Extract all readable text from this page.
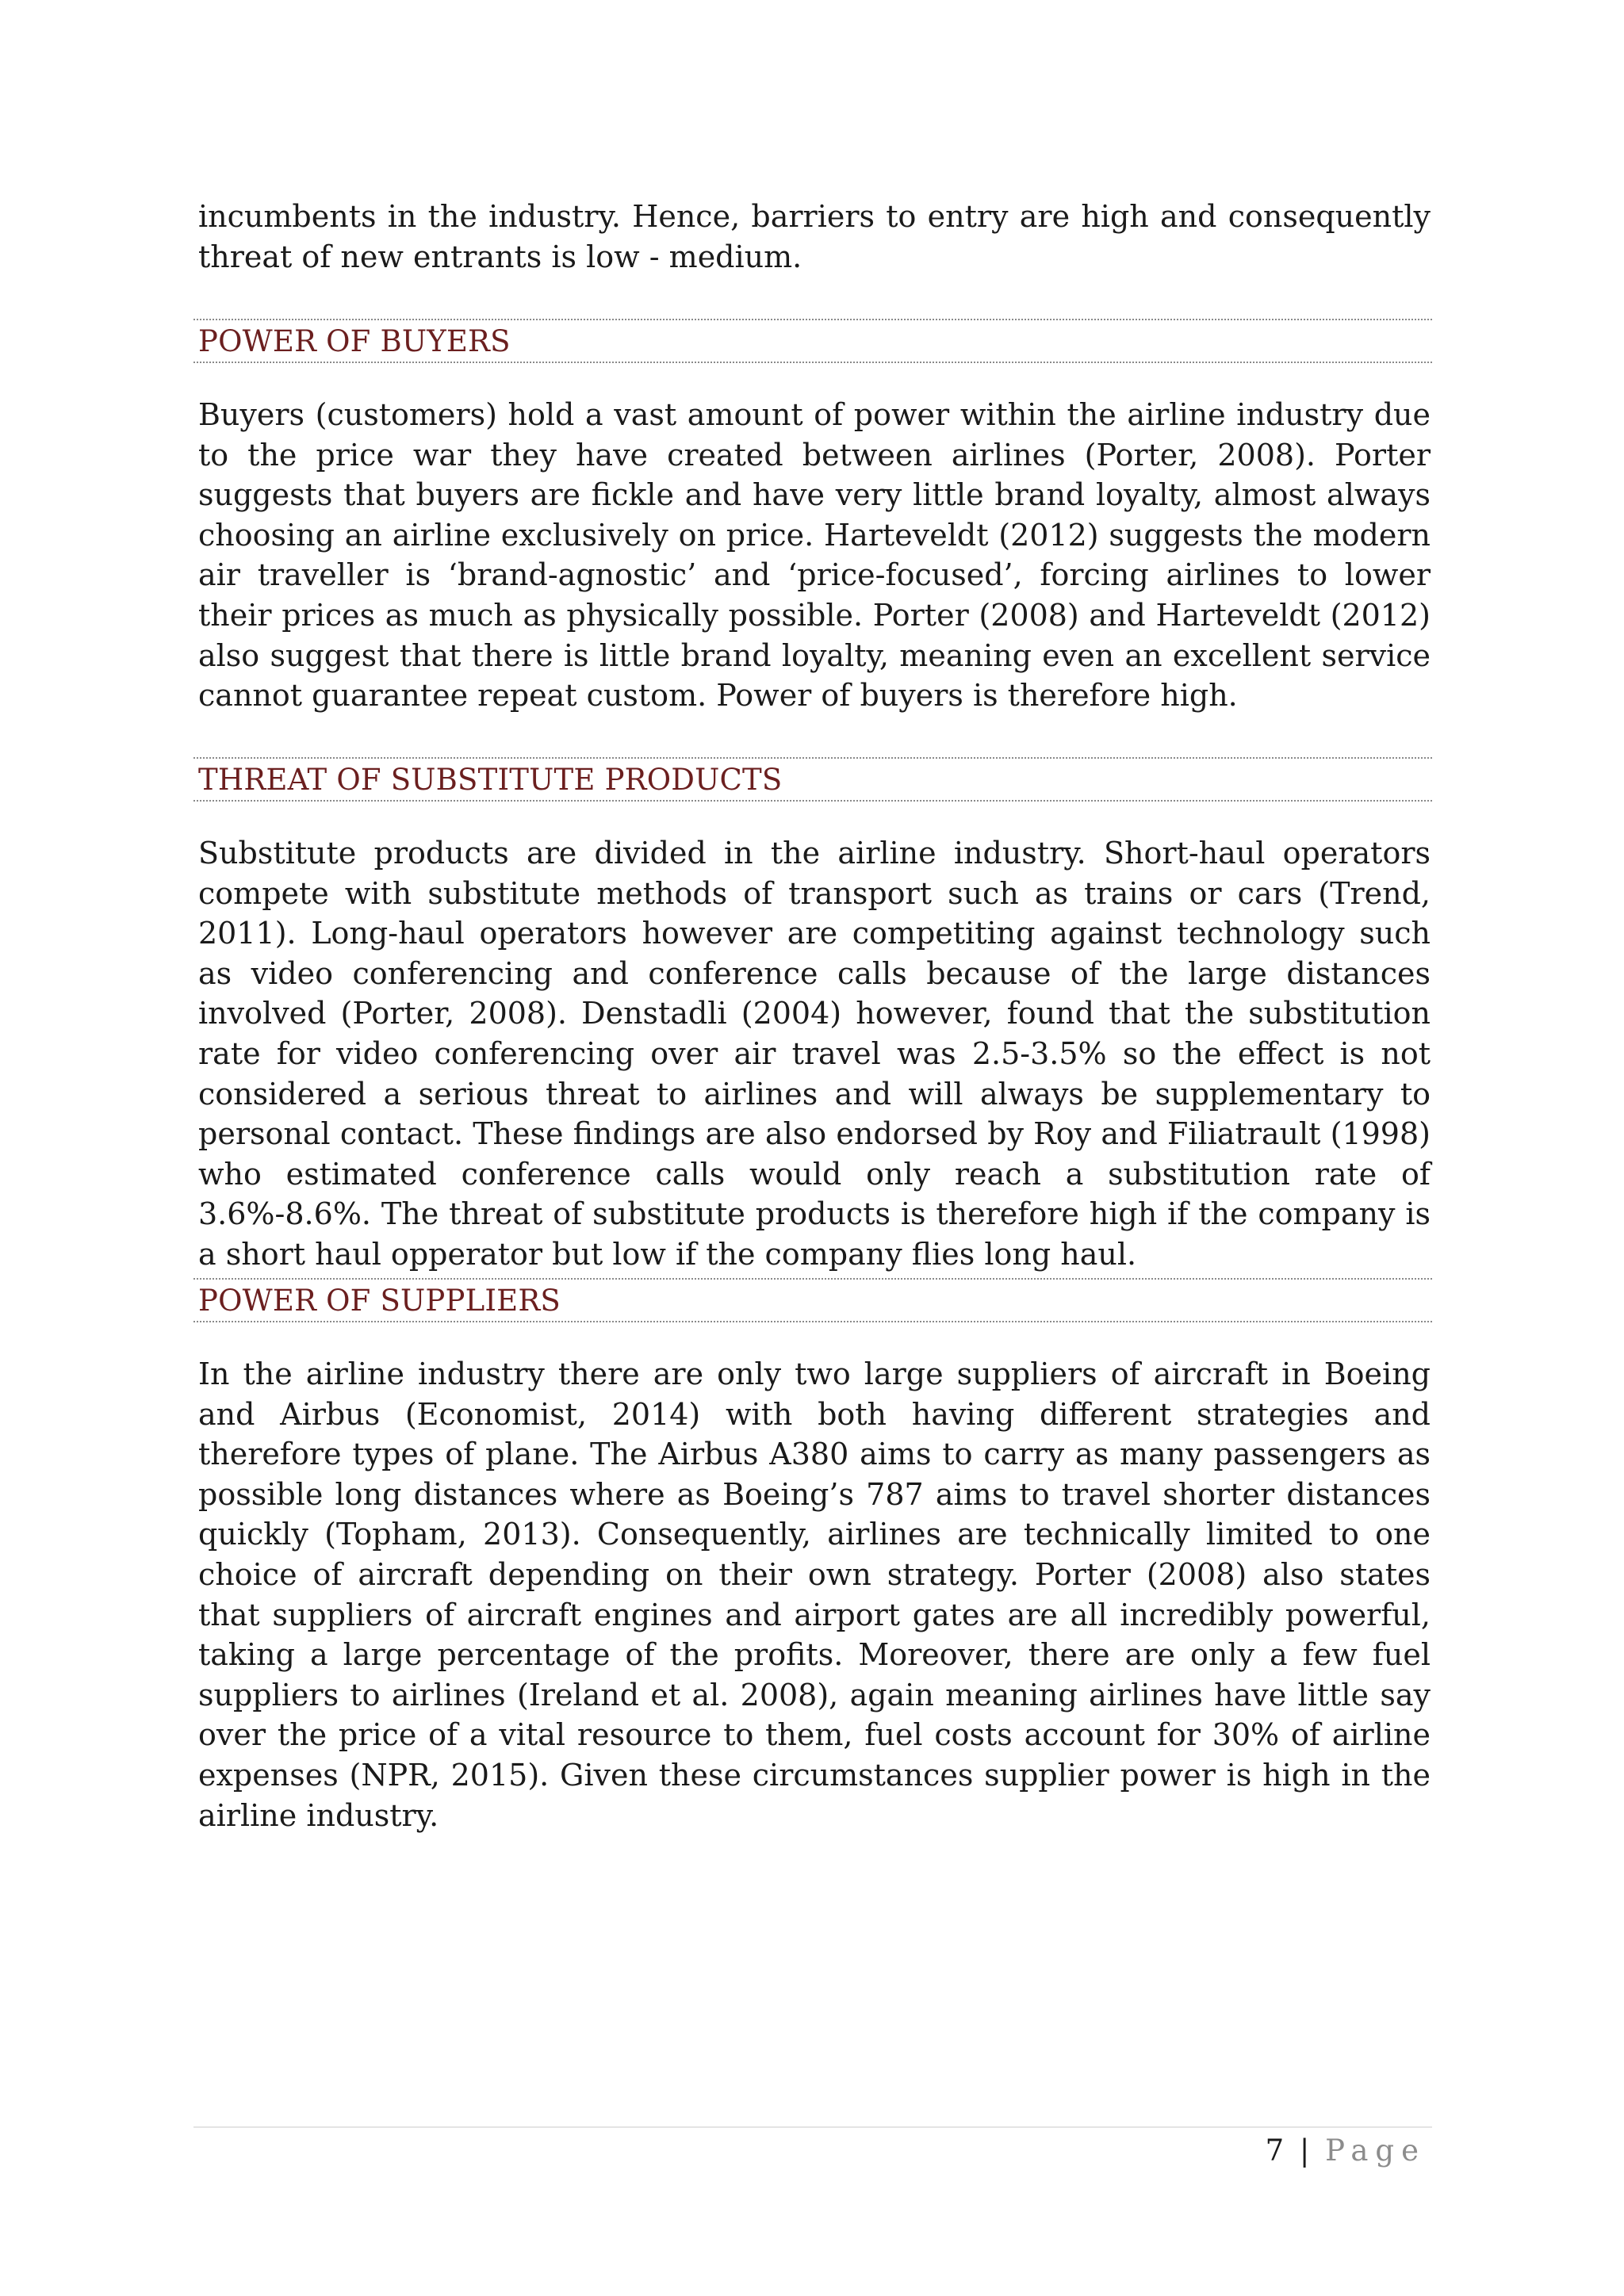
incumbents in the industry. Hence, barriers to entry are high and consequently threat of new entrants is low - medium.

POWER OF BUYERS

Buyers (customers) hold a vast amount of power within the airline industry due to the price war they have created between airlines (Porter, 2008). Porter suggests that buyers are fickle and have very little brand loyalty, almost always choosing an airline exclusively on price. Harteveldt (2012) suggests the modern air traveller is ‘brand-agnostic’ and ‘price-focused’, forcing airlines to lower their prices as much as physically possible. Porter (2008) and Harteveldt (2012) also suggest that there is little brand loyalty, meaning even an excellent service cannot guarantee repeat custom. Power of buyers is therefore high.

THREAT OF SUBSTITUTE PRODUCTS

Substitute products are divided in the airline industry. Short-haul operators compete with substitute methods of transport such as trains or cars (Trend, 2011). Long-haul operators however are competiting against technology such as video conferencing and conference calls because of the large distances involved (Porter, 2008). Denstadli (2004) however, found that the substitution rate for video conferencing over air travel was 2.5-3.5% so the effect is not considered a serious threat to airlines and will always be supplementary to personal contact. These findings are also endorsed by Roy and Filiatrault (1998) who estimated conference calls would only reach a substitution rate of 3.6%-8.6%. The threat of substitute products is therefore high if the company is a short haul opperator but low if the company flies long haul.

POWER OF SUPPLIERS

In the airline industry there are only two large suppliers of aircraft in Boeing and Airbus (Economist, 2014) with both having different strategies and therefore types of plane. The Airbus A380 aims to carry as many passengers as possible long distances where as Boeing’s 787 aims to travel shorter distances quickly (Topham, 2013). Consequently, airlines are technically limited to one choice of aircraft depending on their own strategy. Porter (2008) also states that suppliers of aircraft engines and airport gates are all incredibly powerful, taking a large percentage of the profits. Moreover, there are only a few fuel suppliers to airlines (Ireland et al. 2008), again meaning airlines have little say over the price of a vital resource to them, fuel costs account for 30% of airline expenses (NPR, 2015). Given these circumstances supplier power is high in the airline industry.

7 | Page
